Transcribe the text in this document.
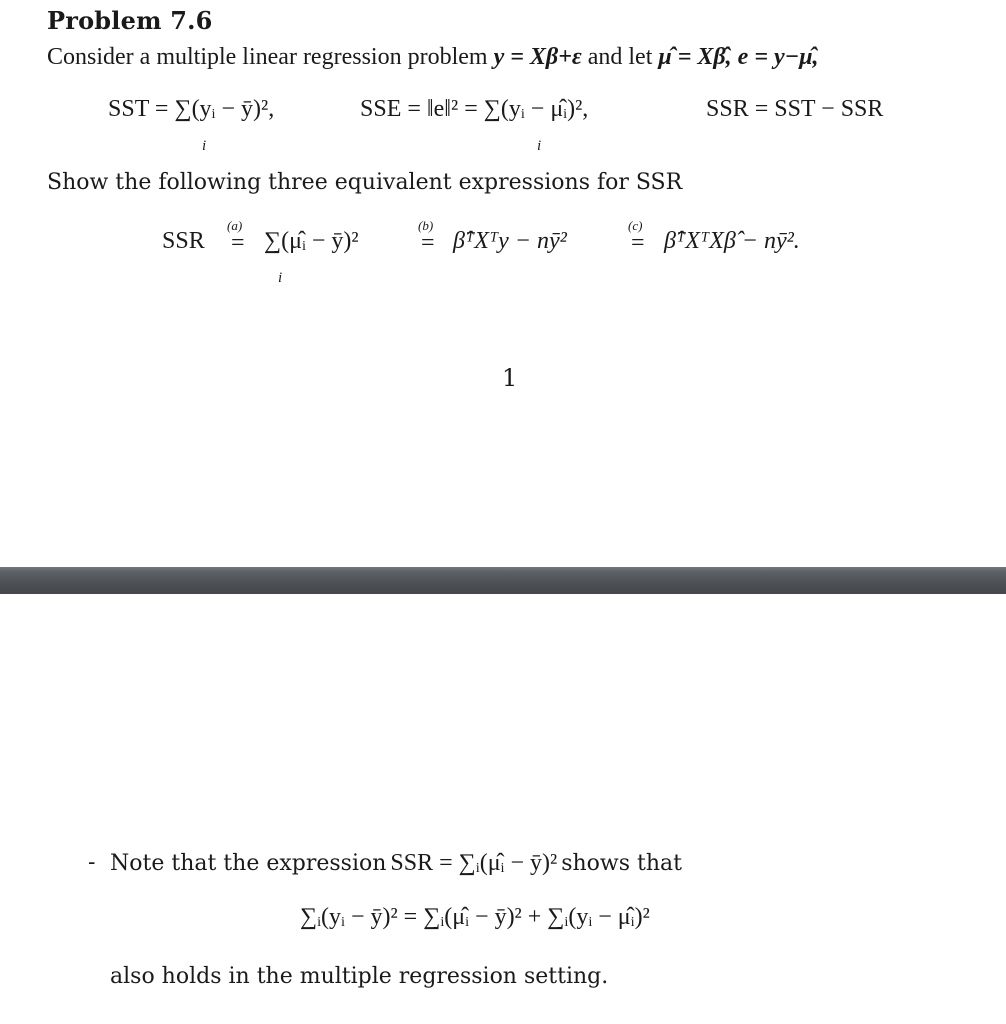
Problem 7.6
Consider a multiple linear regression problem y = Xβ+ε and let μ̂ = Xβ̂, e = y−μ̂,
SST = ∑(yᵢ − ȳ)²,
i
SSE = ‖e‖² = ∑(yᵢ − μ̂ᵢ)²,
i
SSR = SST − SSR
Show the following three equivalent expressions for SSR
SSR
(a)
= ∑(μ̂ᵢ − ȳ)²
i
(b)
= β̂ᵀXᵀy − nȳ²
(c)
= β̂ᵀXᵀXβ̂ − nȳ².
1
- Note that the expression SSR = ∑ᵢ(μ̂ᵢ − ȳ)² shows that
∑ᵢ(yᵢ − ȳ)² = ∑ᵢ(μ̂ᵢ − ȳ)² + ∑ᵢ(yᵢ − μ̂ᵢ)²
also holds in the multiple regression setting.
